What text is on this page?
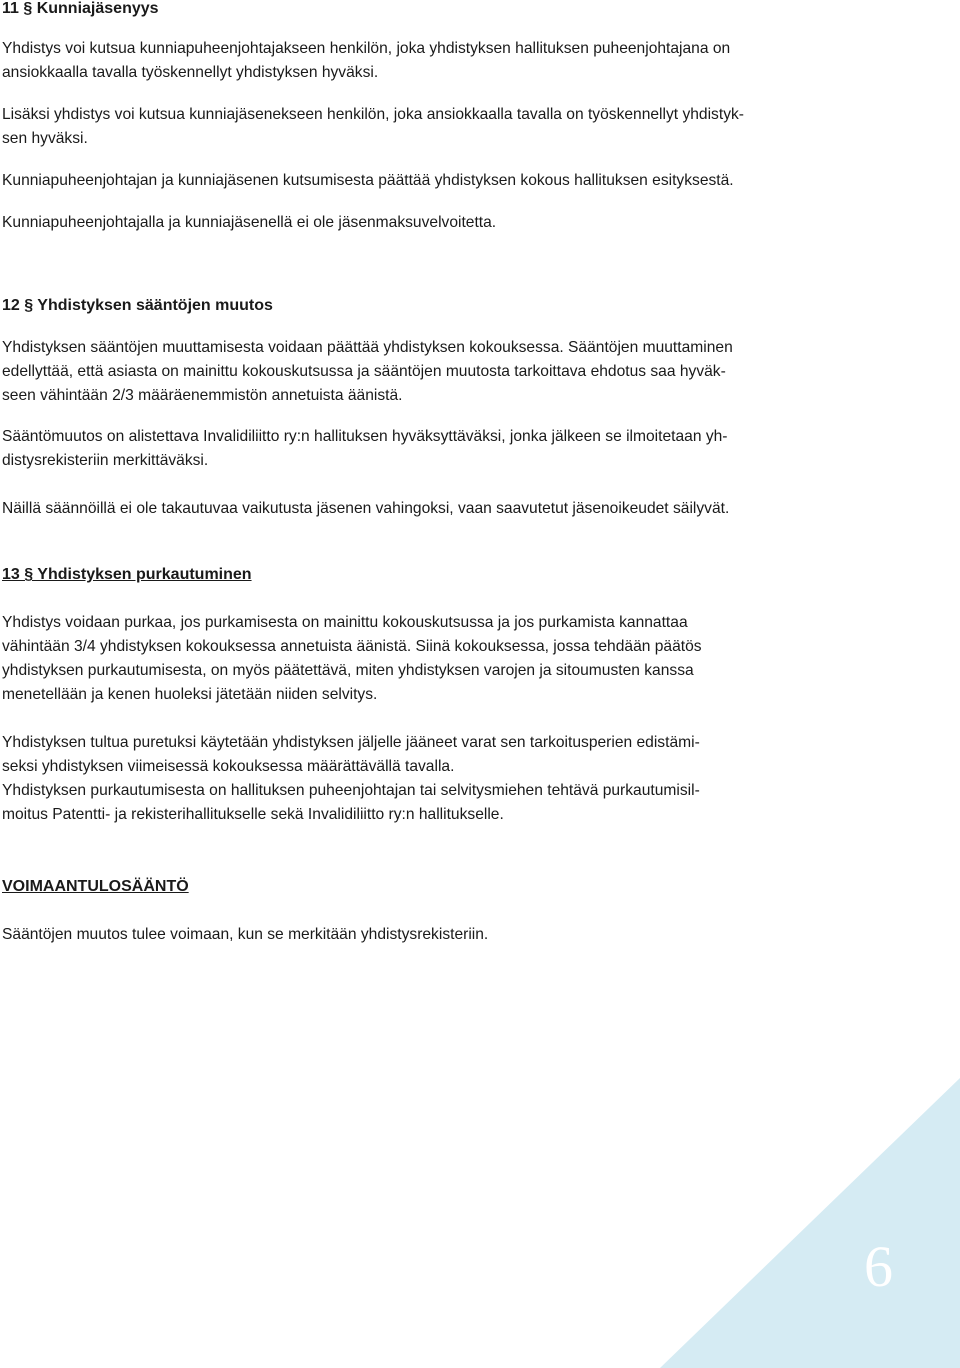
11 § Kunniajäsenyys
Yhdistys voi kutsua kunniapuheenjohtajakseen henkilön, joka yhdistyksen hallituksen puheenjohtajana on
ansiokkaalla tavalla työskennellyt yhdistyksen hyväksi.
Lisäksi yhdistys voi kutsua kunniajäsenekseen henkilön, joka ansiokkaalla tavalla on työskennellyt yhdistyk-
sen hyväksi.
Kunniapuheenjohtajan ja kunniajäsenen kutsumisesta päättää yhdistyksen kokous hallituksen esityksestä.
Kunniapuheenjohtajalla ja kunniajäsenellä ei ole jäsenmaksuvelvoitetta.
12 § Yhdistyksen sääntöjen muutos
Yhdistyksen sääntöjen muuttamisesta voidaan päättää yhdistyksen kokouksessa. Sääntöjen muuttaminen
edellyttää, että asiasta on mainittu kokouskutsussa ja sääntöjen muutosta tarkoittava ehdotus saa hyväk-
seen vähintään 2/3 määräenemmistön annetuista äänistä.
Sääntömuutos on alistettava Invalidiliitto ry:n hallituksen hyväksyttäväksi, jonka jälkeen se ilmoitetaan yh-
distysrekisteriin merkittäväksi.
Näillä säännöillä ei ole takautuvaa vaikutusta jäsenen vahingoksi, vaan saavutetut jäsenoikeudet säilyvät.
13 § Yhdistyksen purkautuminen
Yhdistys voidaan purkaa, jos purkamisesta on mainittu kokouskutsussa ja jos purkamista kannattaa
vähintään 3/4 yhdistyksen kokouksessa annetuista äänistä. Siinä kokouksessa, jossa tehdään päätös
yhdistyksen purkautumisesta, on myös päätettävä, miten yhdistyksen varojen ja sitoumusten kanssa
menetellään ja kenen huoleksi jätetään niiden selvitys.
Yhdistyksen tultua puretuksi käytetään yhdistyksen jäljelle jääneet varat sen tarkoitusperien edistämi-
seksi yhdistyksen viimeisessä kokouksessa määrättävällä tavalla.
Yhdistyksen purkautumisesta on hallituksen puheenjohtajan tai selvitysmiehen tehtävä purkautumisil-
moitus Patentti- ja rekisterihallitukselle sekä Invalidiliitto ry:n hallitukselle.
VOIMAANTULOSÄÄNTÖ
Sääntöjen muutos tulee voimaan, kun se merkitään yhdistysrekisteriin.
6
